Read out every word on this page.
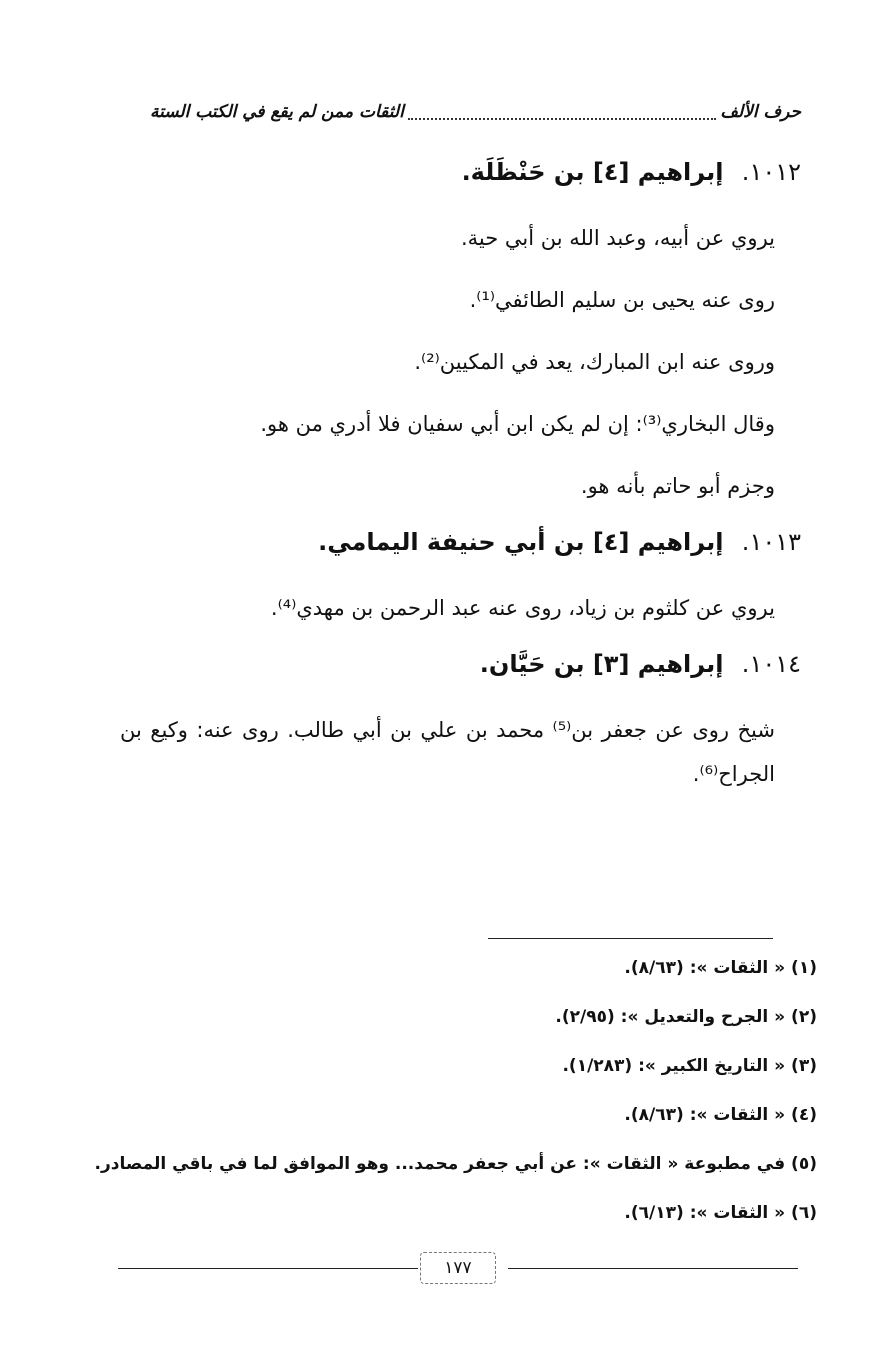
حرف الألف
الثقات ممن لم يقع في الكتب الستة
١٠١٢. إبراهيم [٤] بن حَنْظَلَة.
يروي عن أبيه، وعبد الله بن أبي حية.
روى عنه يحيى بن سليم الطائفي⁽¹⁾.
وروى عنه ابن المبارك، يعد في المكيين⁽²⁾.
وقال البخاري⁽³⁾: إن لم يكن ابن أبي سفيان فلا أدري من هو.
وجزم أبو حاتم بأنه هو.
١٠١٣. إبراهيم [٤] بن أبي حنيفة اليمامي.
يروي عن كلثوم بن زياد، روى عنه عبد الرحمن بن مهدي⁽⁴⁾.
١٠١٤. إبراهيم [٣] بن حَيَّان.
شيخ روى عن جعفر بن⁽⁵⁾ محمد بن علي بن أبي طالب. روى عنه: وكيع بن الجراح⁽⁶⁾.
(١) « الثقات »: (٨/٦٣).
(٢) « الجرح والتعديل »: (٢/٩٥).
(٣) « التاريخ الكبير »: (١/٢٨٣).
(٤) « الثقات »: (٨/٦٣).
(٥) في مطبوعة « الثقات »: عن أبي جعفر محمد... وهو الموافق لما في باقي المصادر.
(٦) « الثقات »: (٦/١٣).
١٧٧
